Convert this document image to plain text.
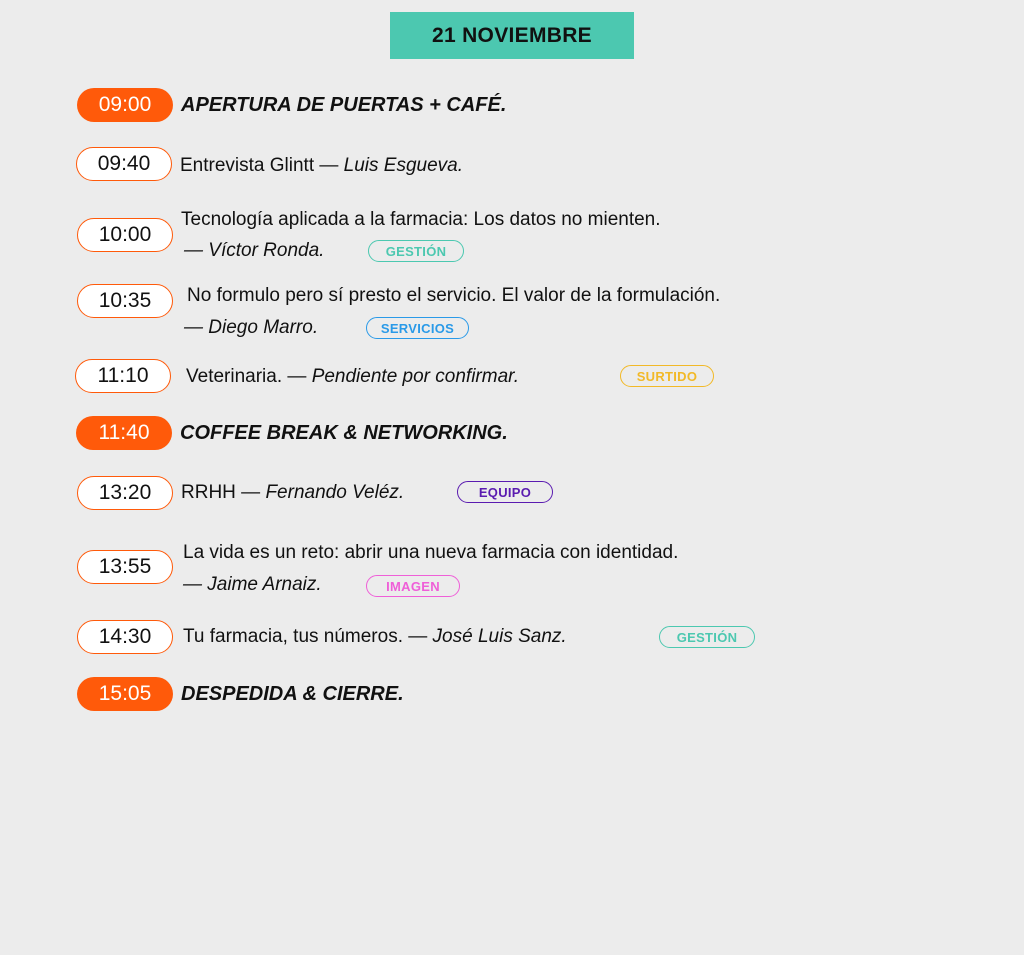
21 NOVIEMBRE
09:00	APERTURA DE PUERTAS + CAFÉ.
09:40	Entrevista Glintt — Luis Esgueva.
10:00
Tecnología aplicada a la farmacia: Los datos no mienten.
— Víctor Ronda.	GESTIÓN
10:35	No formulo pero sí presto el servicio. El valor de la formulación.
— Diego Marro.	SERVICIOS
11:10	Veterinaria. — Pendiente por confirmar.	SURTIDO
11:40	COFFEE BREAK & NETWORKING.
13:20	RRHH — Fernando Veléz.	EQUIPO
13:55
La vida es un reto: abrir una nueva farmacia con identidad.
— Jaime Arnaiz.	IMAGEN
14:30	Tu farmacia, tus números. — José Luis Sanz.	GESTIÓN
15:05	DESPEDIDA & CIERRE.
